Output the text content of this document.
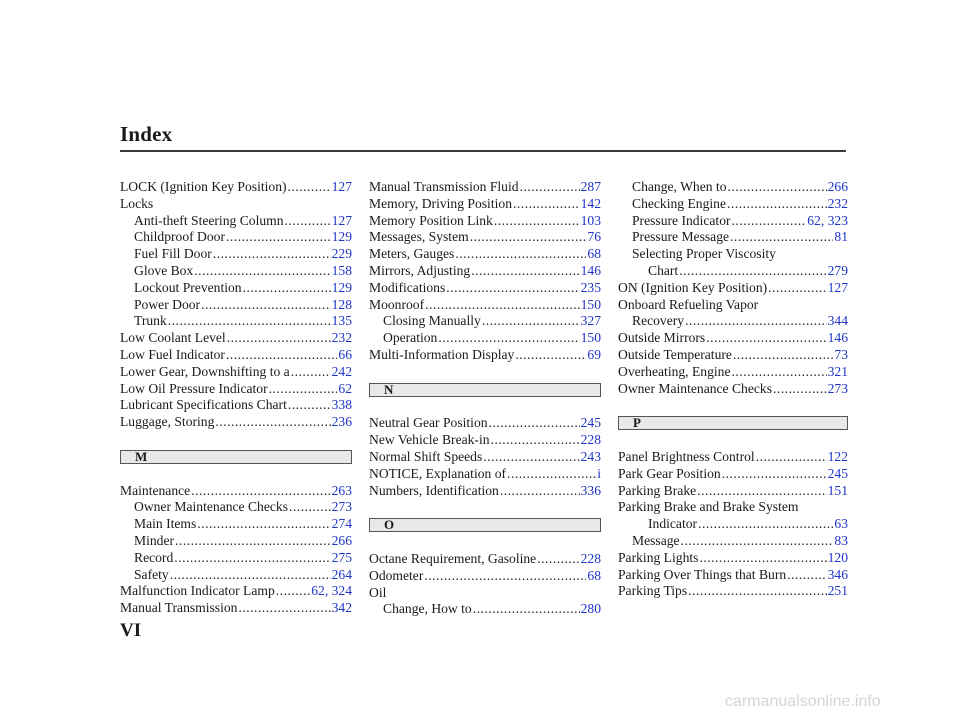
Index
LOCK (Ignition Key Position) .....	127
Locks
Anti-theft Steering Column .....	127
Childproof Door .....	129
Fuel Fill Door .....	229
Glove Box .....	158
Lockout Prevention .....	129
Power Door .....	128
Trunk .....	135
Low Coolant Level .....	232
Low Fuel Indicator .....	66
Lower Gear, Downshifting to a .....	242
Low Oil Pressure Indicator .....	62
Lubricant Specifications Chart .....	338
Luggage, Storing .....	236
M
Maintenance .....	263
Owner Maintenance Checks .....	273
Main Items .....	274
Minder .....	266
Record .....	275
Safety .....	264
Malfunction Indicator Lamp .....	62, 324
Manual Transmission .....	342
Manual Transmission Fluid .....	287
Memory, Driving Position .....	142
Memory Position Link .....	103
Messages, System .....	76
Meters, Gauges .....	68
Mirrors, Adjusting .....	146
Modifications .....	235
Moonroof .....	150
Closing Manually .....	327
Operation .....	150
Multi-Information Display .....	69
N
Neutral Gear Position .....	245
New Vehicle Break-in .....	228
Normal Shift Speeds .....	243
NOTICE, Explanation of .....	i
Numbers, Identification .....	336
O
Octane Requirement, Gasoline .....	228
Odometer .....	68
Oil
Change, How to .....	280
Change, When to .....	266
Checking Engine .....	232
Pressure Indicator .....	62, 323
Pressure Message .....	81
Selecting Proper Viscosity
Chart .....	279
ON (Ignition Key Position) .....	127
Onboard Refueling Vapor
Recovery .....	344
Outside Mirrors .....	146
Outside Temperature .....	73
Overheating, Engine .....	321
Owner Maintenance Checks .....	273
P
Panel Brightness Control .....	122
Park Gear Position .....	245
Parking Brake .....	151
Parking Brake and Brake System
Indicator .....	63
Message .....	83
Parking Lights .....	120
Parking Over Things that Burn .....	346
Parking Tips .....	251
VI
carmanualsonline.info
